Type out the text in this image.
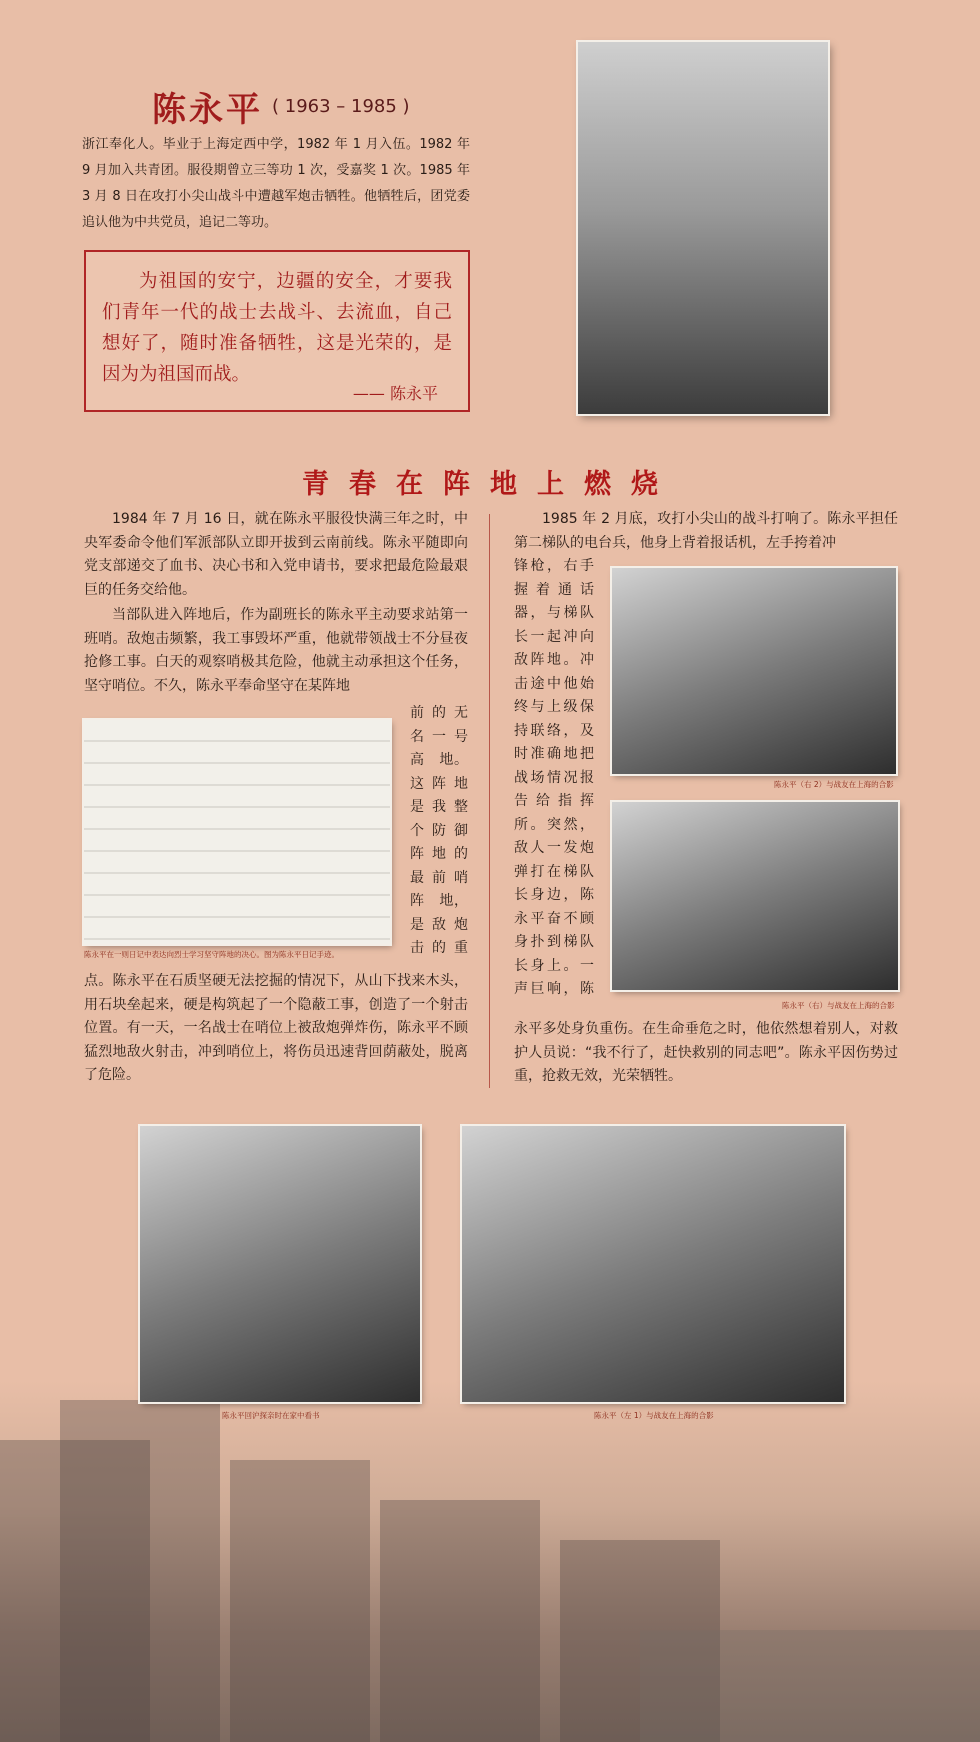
陈永平 ( 1963 – 1985 )

浙江奉化人。毕业于上海定西中学，1982 年 1 月入伍。1982 年 9 月加入共青团。服役期曾立三等功 1 次，受嘉奖 1 次。1985 年 3 月 8 日在攻打小尖山战斗中遭越军炮击牺牲。他牺牲后，团党委追认他为中共党员，追记二等功。

为祖国的安宁，边疆的安全，才要我们青年一代的战士去战斗、去流血，自己想好了，随时准备牺牲，这是光荣的，是因为为祖国而战。

—— 陈永平
青春在阵地上燃烧

1984 年 7 月 16 日，就在陈永平服役快满三年之时，中央军委命令他们军派部队立即开拔到云南前线。陈永平随即向党支部递交了血书、决心书和入党申请书，要求把最危险最艰巨的任务交给他。

当部队进入阵地后，作为副班长的陈永平主动要求站第一班哨。敌炮击频繁，我工事毁坏严重，他就带领战士不分昼夜抢修工事。白天的观察哨极其危险，他就主动承担这个任务，坚守哨位。不久，陈永平奉命坚守在某阵地

陈永平在一则日记中表达向烈士学习坚守阵地的决心。图为陈永平日记手迹。
前的无
名一号
高　地。
这阵地
是我整
个防御
阵地的
最前哨
阵　地，
是敌炮
击的重

点。陈永平在石质坚硬无法挖掘的情况下，从山下找来木头，用石块垒起来，硬是构筑起了一个隐蔽工事，创造了一个射击位置。有一天，一名战士在哨位上被敌炮弹炸伤，陈永平不顾猛烈地敌火射击，冲到哨位上，将伤员迅速背回荫蔽处，脱离了危险。

1985 年 2 月底，攻打小尖山的战斗打响了。陈永平担任第二梯队的电台兵，他身上背着报话机，左手挎着冲

锋枪，右手
握着通话
器，与梯队
长一起冲向
敌阵地。冲
击途中他始
终与上级保
持联络，及
时准确地把
战场情况报
告给指挥
所。突然，
敌人一发炮
弹打在梯队
长身边，陈
永平奋不顾
身扑到梯队
长身上。一
声巨响，陈
陈永平（右 2）与战友在上海的合影
陈永平（右）与战友在上海的合影

永平多处身负重伤。在生命垂危之时，他依然想着别人，对救护人员说：“我不行了，赶快救别的同志吧”。陈永平因伤势过重，抢救无效，光荣牺牲。

陈永平回沪探亲时在家中看书	陈永平（左 1）与战友在上海的合影
